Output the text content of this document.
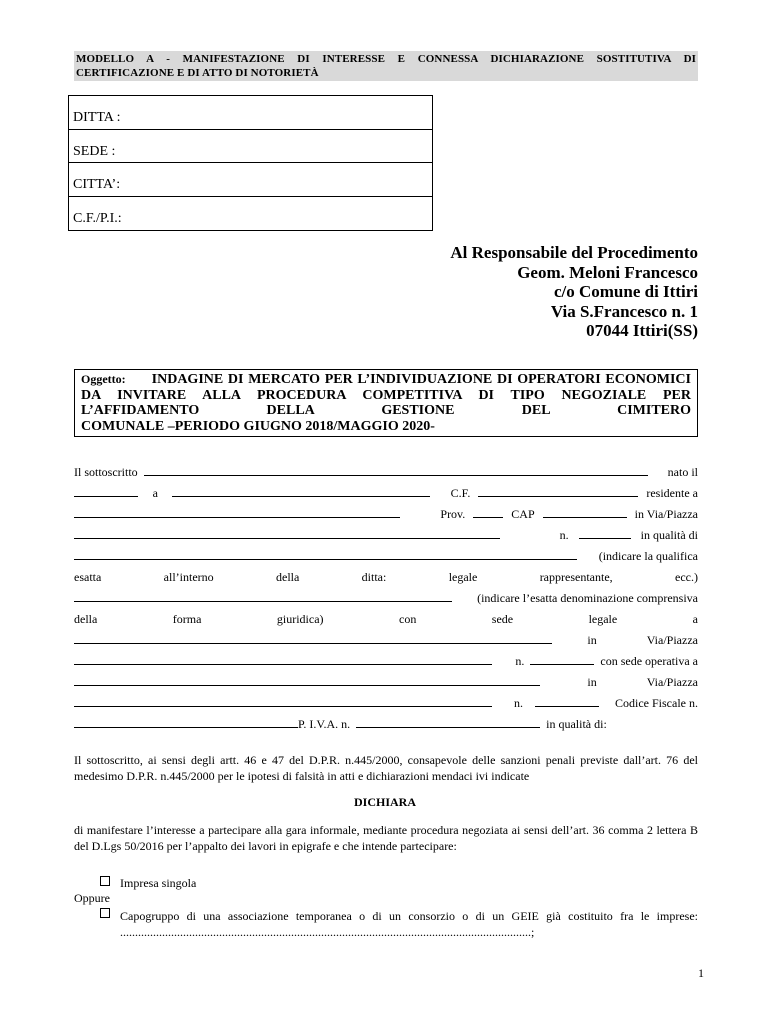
MODELLO A - MANIFESTAZIONE DI INTERESSE E CONNESSA DICHIARAZIONE SOSTITUTIVA DI CERTIFICAZIONE E DI ATTO DI NOTORIETÀ
DITTA :
SEDE :
CITTA’:
C.F./P.I.:
Al Responsabile del Procedimento
Geom. Meloni Francesco
c/o Comune di Ittiri
Via S.Francesco n. 1
07044 Ittiri(SS)
Oggetto: INDAGINE DI MERCATO PER L’INDIVIDUAZIONE DI OPERATORI ECONOMICI DA INVITARE ALLA PROCEDURA COMPETITIVA DI TIPO NEGOZIALE PER L’AFFIDAMENTO DELLA GESTIONE DEL CIMITERO
COMUNALE –PERIODO GIUGNO 2018/MAGGIO 2020-
Il sottoscritto	nato il
a	C.F.	residente a
Prov.	CAP	in Via/Piazza
n.	in qualità di
(indicare la qualifica
esatta	all’interno	della	ditta:	legale	rappresentante,	ecc.)
(indicare l’esatta denominazione comprensiva
della	forma	giuridica)	con	sede	legale	a
in	Via/Piazza
n.	con sede operativa a
in	Via/Piazza
n.	Codice Fiscale n.
P. I.V.A. n.	in qualità di:
Il sottoscritto, ai sensi degli artt. 46 e 47 del D.P.R. n.445/2000, consapevole delle sanzioni penali previste dall’art. 76 del medesimo D.P.R. n.445/2000 per le ipotesi di falsità in atti e dichiarazioni mendaci ivi indicate
DICHIARA
di manifestare l’interesse a partecipare alla gara informale, mediante procedura negoziata ai sensi dell’art. 36 comma 2 lettera B del D.Lgs 50/2016 per l’appalto dei lavori in epigrafe e che intende partecipare:
Impresa singola
Oppure
Capogruppo di una associazione temporanea o di un consorzio o di un GEIE già costituito fra le imprese: .........................................................................................................................................;
1
